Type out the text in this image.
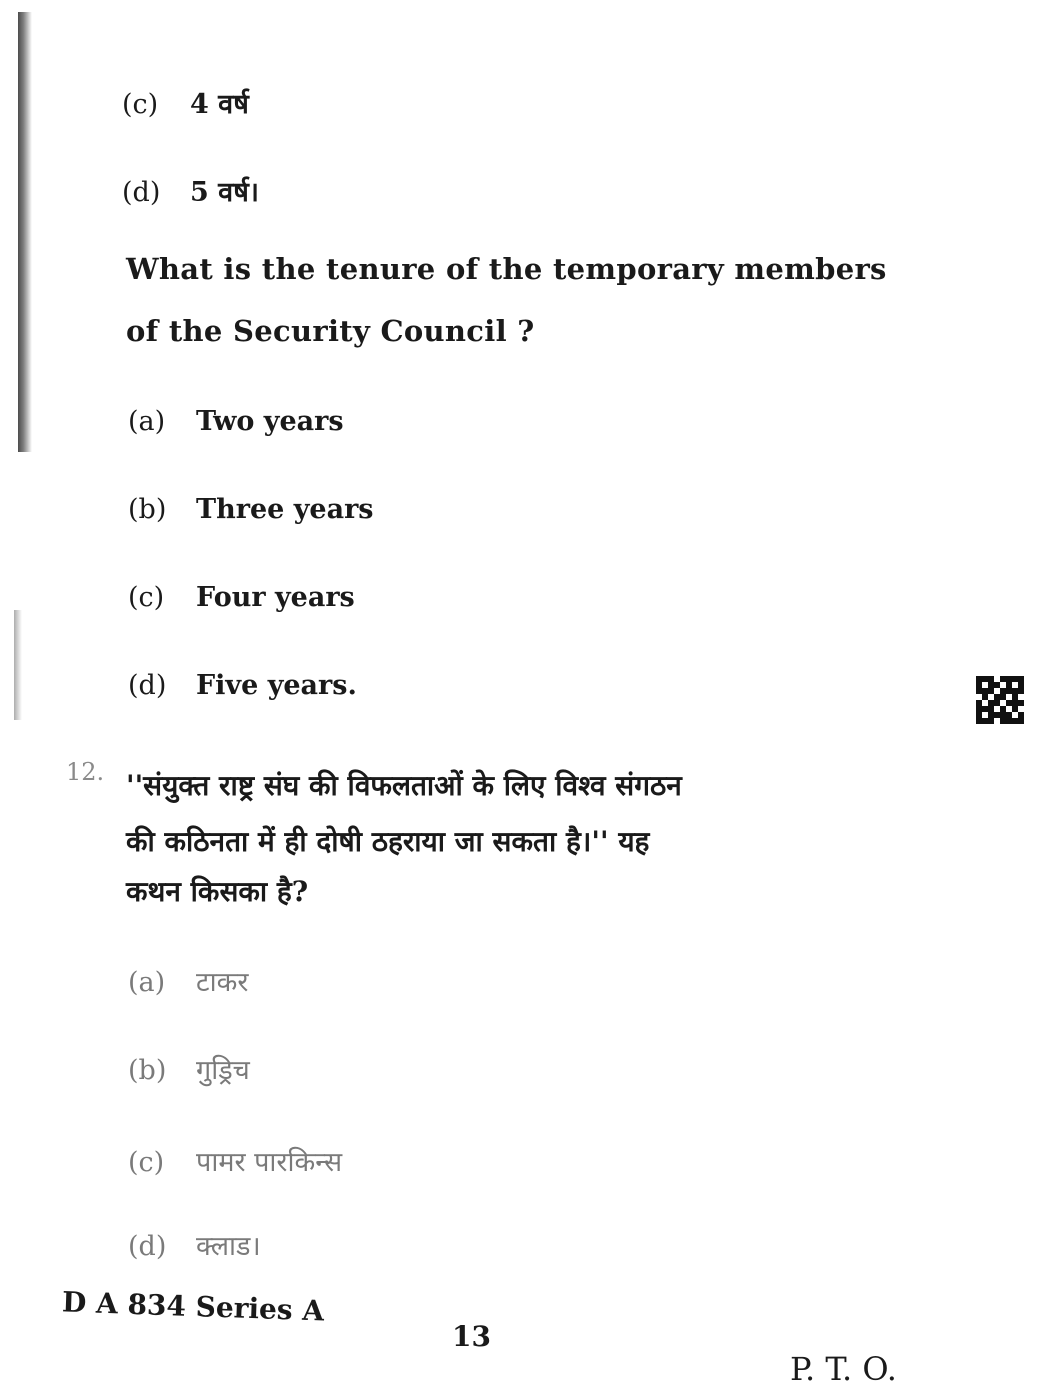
(c) 4 वर्ष
(d) 5 वर्ष।
What is the tenure of the temporary members
of the Security Council ?
(a) Two years
(b) Three years
(c) Four years
(d) Five years.
12. ''संयुक्त राष्ट्र संघ की विफलताओं के लिए विश्व संगठन
की कठिनता में ही दोषी ठहराया जा सकता है।'' यह
कथन किसका है?
(a) टाकर
(b) गुड्रिच
(c) पामर पारकिन्स
(d) क्लाड।
D A 834 Series A
13
P. T. O.
